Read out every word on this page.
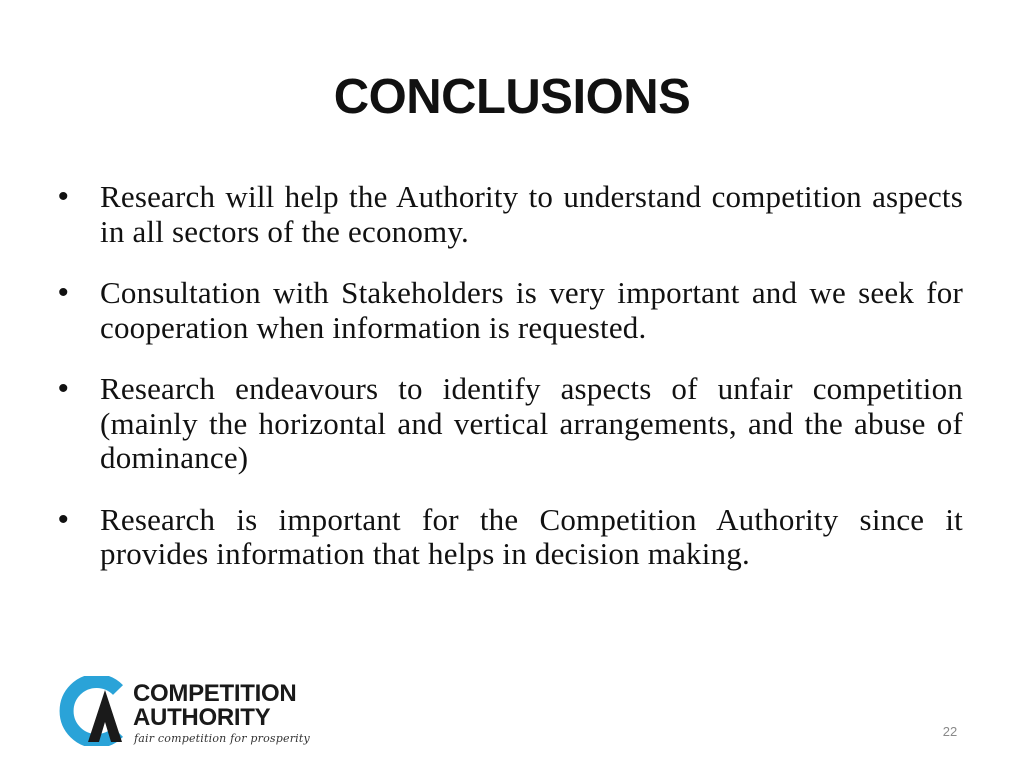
CONCLUSIONS
• Research will help the Authority to understand competition aspects in all sectors of the economy.
• Consultation with Stakeholders is very important and we seek for cooperation when information is requested.
• Research endeavours to identify aspects of unfair competition (mainly the horizontal and vertical arrangements, and the abuse of dominance)
• Research is important for the Competition Authority since it provides information that helps in decision making.
COMPETITION
AUTHORITY
fair competition for prosperity	22
